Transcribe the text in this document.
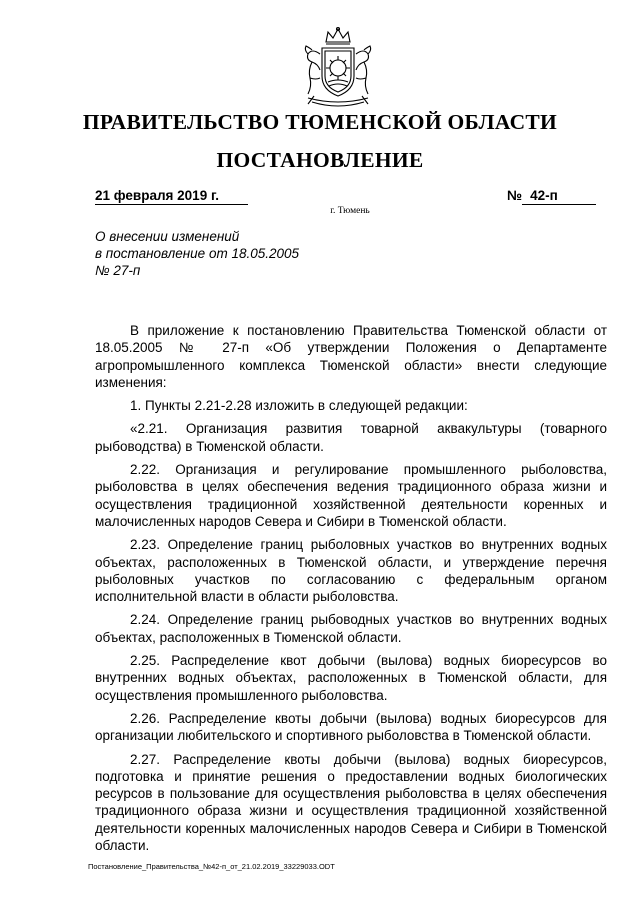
ПРАВИТЕЛЬСТВО ТЮМЕНСКОЙ ОБЛАСТИ
ПОСТАНОВЛЕНИЕ
21 февраля 2019 г.	№ 42-п
г. Тюмень
О внесении изменений
в постановление от 18.05.2005
№ 27-п

В приложение к постановлению Правительства Тюменской области от 18.05.2005 № 27-п «Об утверждении Положения о Департаменте агропромышленного комплекса Тюменской области» внести следующие изменения:

1. Пункты 2.21-2.28 изложить в следующей редакции:

«2.21. Организация развития товарной аквакультуры (товарного рыбоводства) в Тюменской области.

2.22. Организация и регулирование промышленного рыболовства, рыболовства в целях обеспечения ведения традиционного образа жизни и осуществления традиционной хозяйственной деятельности коренных и малочисленных народов Севера и Сибири в Тюменской области.

2.23. Определение границ рыболовных участков во внутренних водных объектах, расположенных в Тюменской области, и утверждение перечня рыболовных участков по согласованию с федеральным органом исполнительной власти в области рыболовства.

2.24. Определение границ рыбоводных участков во внутренних водных объектах, расположенных в Тюменской области.

2.25. Распределение квот добычи (вылова) водных биоресурсов во внутренних водных объектах, расположенных в Тюменской области, для осуществления промышленного рыболовства.

2.26. Распределение квоты добычи (вылова) водных биоресурсов для организации любительского и спортивного рыболовства в Тюменской области.

2.27. Распределение квоты добычи (вылова) водных биоресурсов, подготовка и принятие решения о предоставлении водных биологических ресурсов в пользование для осуществления рыболовства в целях обеспечения традиционного образа жизни и осуществления традиционной хозяйственной деятельности коренных малочисленных народов Севера и Сибири в Тюменской области.

Постановление_Правительства_№42-п_от_21.02.2019_33229033.ODT
